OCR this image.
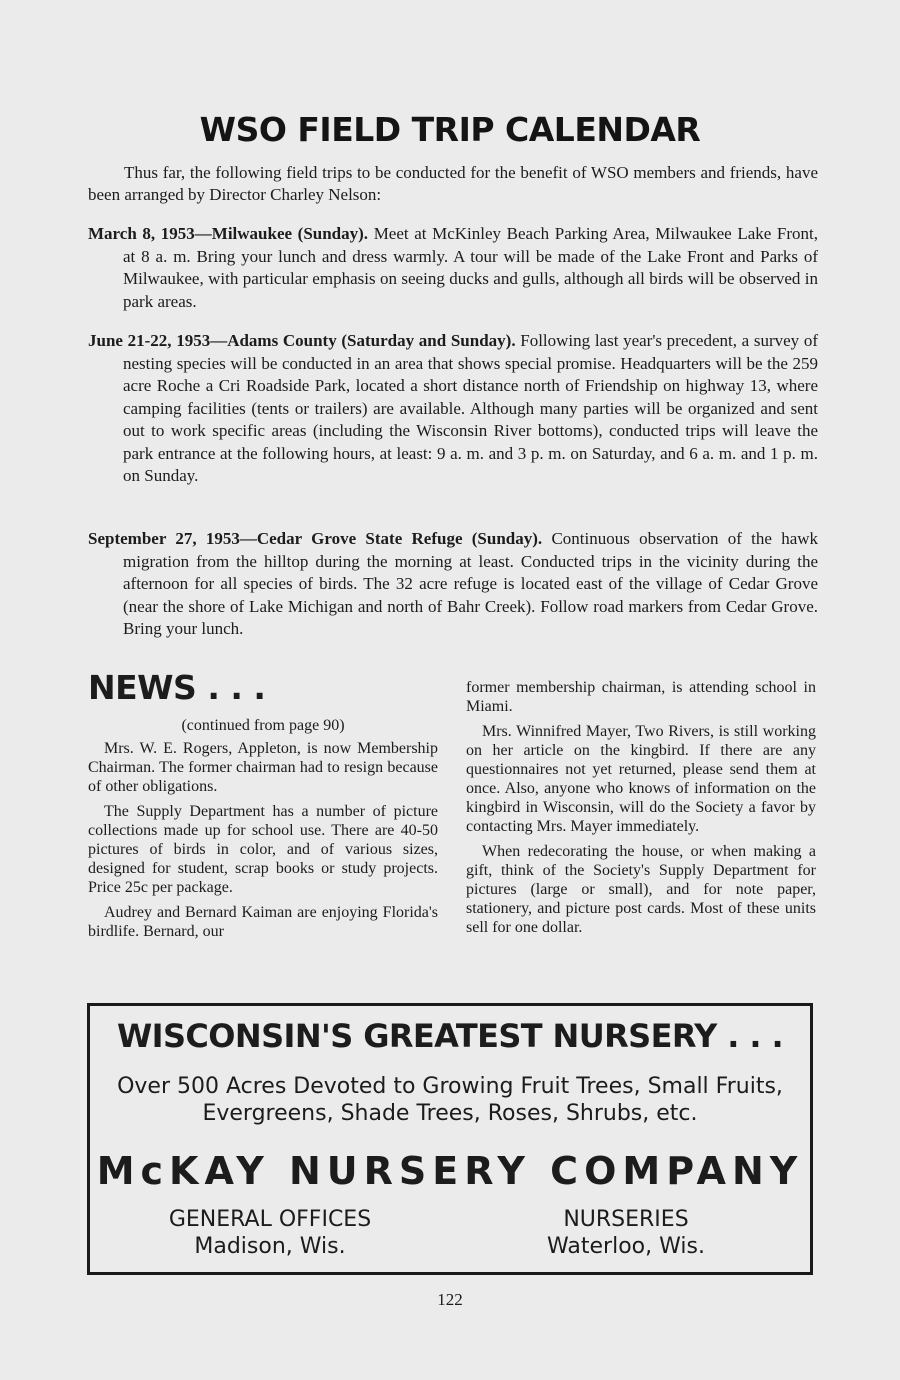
WSO FIELD TRIP CALENDAR
Thus far, the following field trips to be conducted for the benefit of WSO members and friends, have been arranged by Director Charley Nelson:
March 8, 1953—Milwaukee (Sunday). Meet at McKinley Beach Parking Area, Milwaukee Lake Front, at 8 a. m. Bring your lunch and dress warmly. A tour will be made of the Lake Front and Parks of Milwaukee, with particular emphasis on seeing ducks and gulls, although all birds will be observed in park areas.
June 21-22, 1953—Adams County (Saturday and Sunday). Following last year's precedent, a survey of nesting species will be conducted in an area that shows special promise. Headquarters will be the 259 acre Roche a Cri Roadside Park, located a short distance north of Friendship on highway 13, where camping facilities (tents or trailers) are available. Although many parties will be organized and sent out to work specific areas (including the Wisconsin River bottoms), conducted trips will leave the park entrance at the following hours, at least: 9 a. m. and 3 p. m. on Saturday, and 6 a. m. and 1 p. m. on Sunday.
September 27, 1953—Cedar Grove State Refuge (Sunday). Continuous observation of the hawk migration from the hilltop during the morning at least. Conducted trips in the vicinity during the afternoon for all species of birds. The 32 acre refuge is located east of the village of Cedar Grove (near the shore of Lake Michigan and north of Bahr Creek). Follow road markers from Cedar Grove. Bring your lunch.
NEWS . . .

(continued from page 90)

Mrs. W. E. Rogers, Appleton, is now Membership Chairman. The former chairman had to resign because of other obligations.

The Supply Department has a number of picture collections made up for school use. There are 40-50 pictures of birds in color, and of various sizes, designed for student, scrap books or study projects. Price 25c per package.

Audrey and Bernard Kaiman are enjoying Florida's birdlife. Bernard, our

former membership chairman, is attending school in Miami.

Mrs. Winnifred Mayer, Two Rivers, is still working on her article on the kingbird. If there are any questionnaires not yet returned, please send them at once. Also, anyone who knows of information on the kingbird in Wisconsin, will do the Society a favor by contacting Mrs. Mayer immediately.

When redecorating the house, or when making a gift, think of the Society's Supply Department for pictures (large or small), and for note paper, stationery, and picture post cards. Most of these units sell for one dollar.

WISCONSIN'S GREATEST NURSERY . . .
Over 500 Acres Devoted to Growing Fruit Trees, Small Fruits,
Evergreens, Shade Trees, Roses, Shrubs, etc.
McKAY NURSERY COMPANY
GENERAL OFFICES
Madison, Wis.
NURSERIES
Waterloo, Wis.
122
